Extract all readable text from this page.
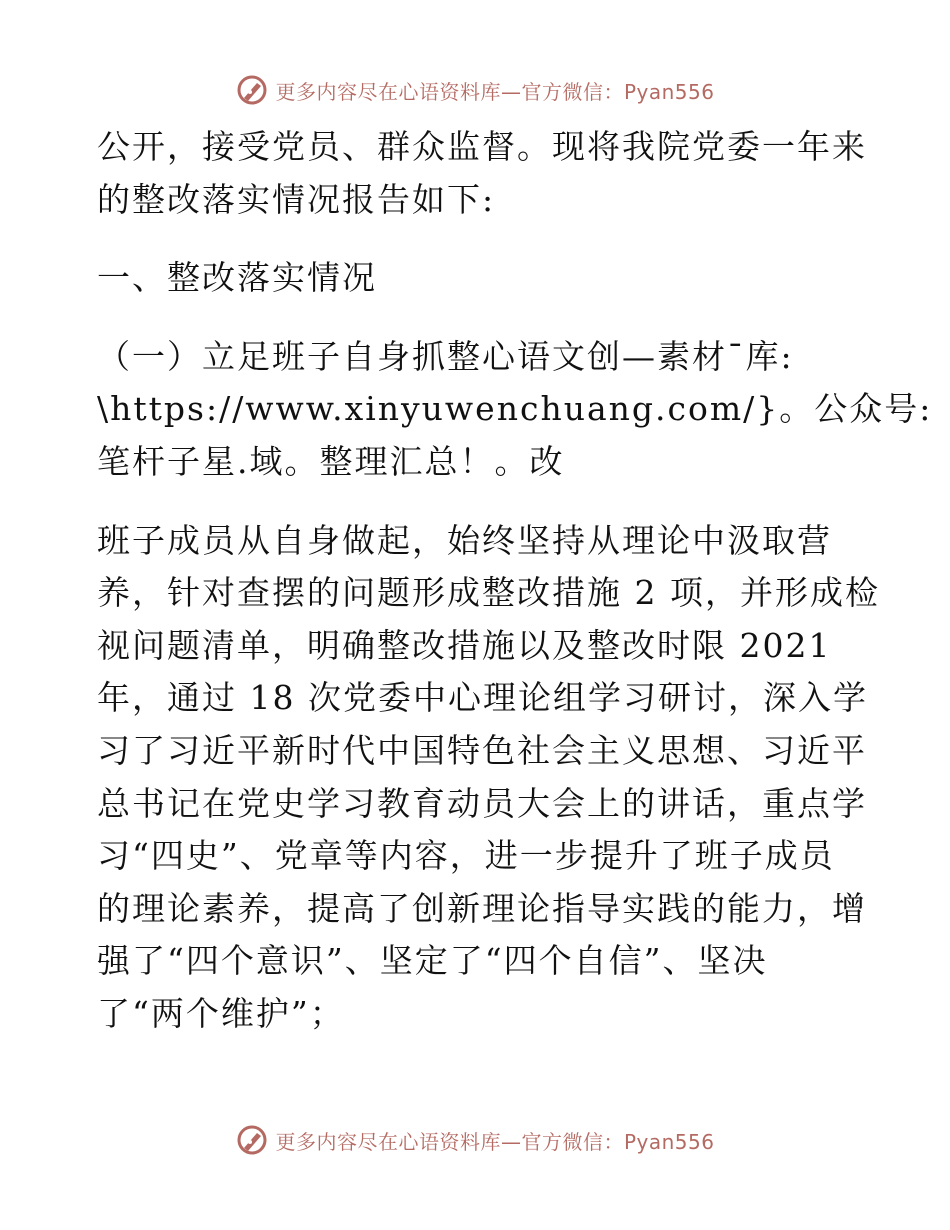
更多内容尽在心语资料库—官方微信：Pyan556
公开，接受党员、群众监督。现将我院党委一年来
的整改落实情况报告如下:
一、整改落实情况
（一）立足班子自身抓整心语文创—素材¯库:
\https://www.xinyuwenchuang.com/}。公众号:
笔杆子星.域。整理汇总！。改
班子成员从自身做起，始终坚持从理论中汲取营
养，针对查摆的问题形成整改措施 2 项，并形成检
视问题清单，明确整改措施以及整改时限 2021
年，通过 18 次党委中心理论组学习研讨，深入学
习了习近平新时代中国特色社会主义思想、习近平
总书记在党史学习教育动员大会上的讲话，重点学
习“四史”、党章等内容，进一步提升了班子成员
的理论素养，提高了创新理论指导实践的能力，增
强了“四个意识”、坚定了“四个自信”、坚决
了“两个维护”；
更多内容尽在心语资料库—官方微信：Pyan556
